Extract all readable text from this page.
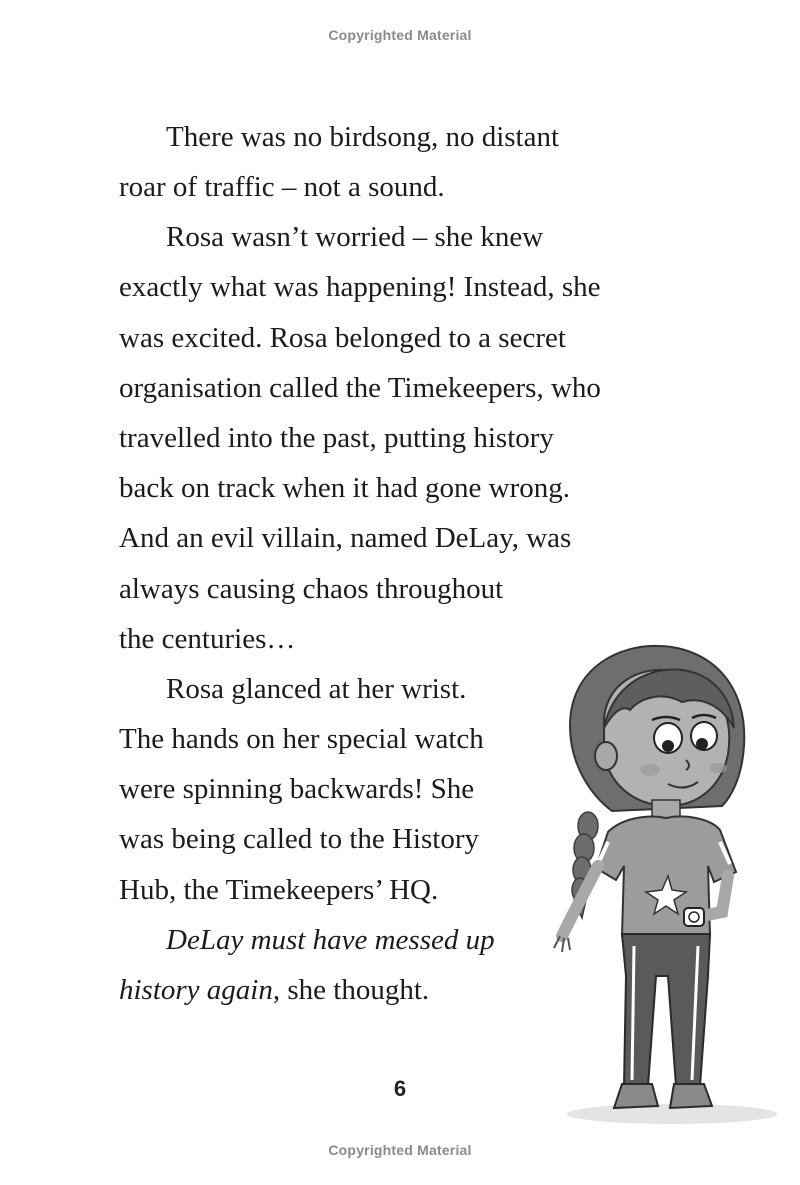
Copyrighted Material
There was no birdsong, no distant
roar of traffic – not a sound.
Rosa wasn’t worried – she knew
exactly what was happening! Instead, she
was excited. Rosa belonged to a secret
organisation called the Timekeepers, who
travelled into the past, putting history
back on track when it had gone wrong.
And an evil villain, named DeLay, was
always causing chaos throughout
the centuries…
Rosa glanced at her wrist.
The hands on her special watch
were spinning backwards! She
was being called to the History
Hub, the Timekeepers’ HQ.
DeLay must have messed up
history again, she thought.
6
Copyrighted Material
